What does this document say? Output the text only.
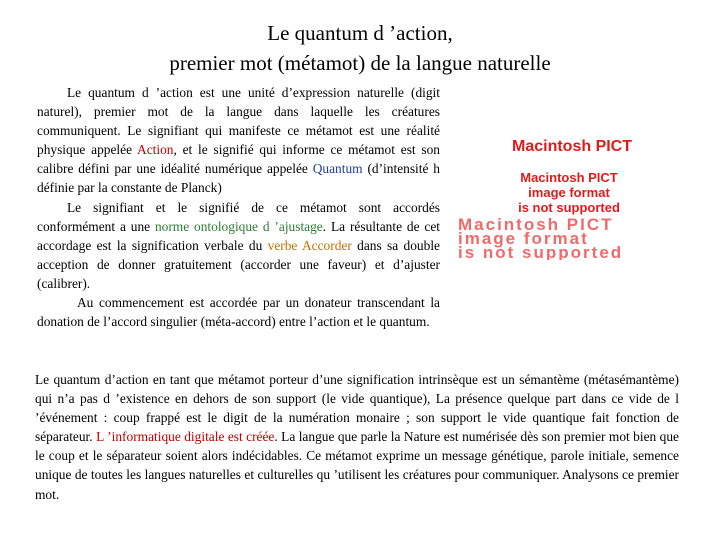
Le quantum d ’action,
premier mot (métamot) de la langue naturelle

Le quantum d ’action est une unité d’expression naturelle (digit naturel), premier mot de la langue dans laquelle les créatures communiquent. Le signifiant qui manifeste ce métamot est une réalité physique appelée Action, et le signifié qui informe ce métamot est son calibre défini par une idéalité numérique appelée Quantum (d’intensité h définie par la constante de Planck)

Le signifiant et le signifié de ce métamot sont accordés conformément a une norme ontologique d ’ajustage. La résultante de cet accordage est la signification verbale du verbe Accorder dans sa double acception de donner gratuitement (accorder une faveur) et d’ajuster (calibrer).

Au commencement est accordée par un donateur transcendant la donation de l’accord singulier (méta-accord) entre l’action et le quantum.

Macintosh PICT
Macintosh PICT
image format
is not supported
Macintosh PICT
image format
is not supported

Le quantum d’action en tant que métamot porteur d’une signification intrinsèque est un sémantème (métasémantème) qui n’a pas d ’existence en dehors de son support (le vide quantique), La présence quelque part dans ce vide de l ’événement : coup frappé est le digit de la numération monaire ; son support le vide quantique fait fonction de séparateur. L ’informatique digitale est créée. La langue que parle la Nature est numérisée dès son premier mot bien que le coup et le séparateur soient alors indécidables. Ce métamot exprime un message génétique, parole initiale, semence unique de toutes les langues naturelles et culturelles qu ’utilisent les créatures pour communiquer. Analysons ce premier mot.
